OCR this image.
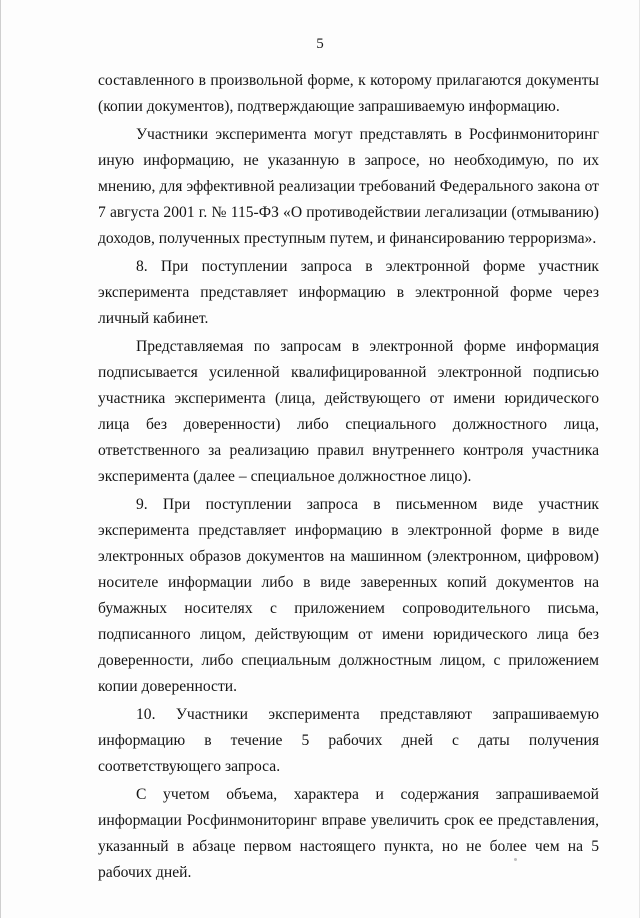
5

составленного в произвольной форме, к которому прилагаются документы (копии документов), подтверждающие запрашиваемую информацию.

Участники эксперимента могут представлять в Росфинмониторинг иную информацию, не указанную в запросе, но необходимую, по их мнению, для эффективной реализации требований Федерального закона от 7 августа 2001 г. № 115-ФЗ «О противодействии легализации (отмыванию) доходов, полученных преступным путем, и финансированию терроризма».

8. При поступлении запроса в электронной форме участник эксперимента представляет информацию в электронной форме через личный кабинет.

Представляемая по запросам в электронной форме информация подписывается усиленной квалифицированной электронной подписью участника эксперимента (лица, действующего от имени юридического лица без доверенности) либо специального должностного лица, ответственного за реализацию правил внутреннего контроля участника эксперимента (далее – специальное должностное лицо).

9. При поступлении запроса в письменном виде участник эксперимента представляет информацию в электронной форме в виде электронных образов документов на машинном (электронном, цифровом) носителе информации либо в виде заверенных копий документов на бумажных носителях с приложением сопроводительного письма, подписанного лицом, действующим от имени юридического лица без доверенности, либо специальным должностным лицом, с приложением копии доверенности.

10. Участники эксперимента представляют запрашиваемую информацию в течение 5 рабочих дней с даты получения соответствующего запроса.

С учетом объема, характера и содержания запрашиваемой информации Росфинмониторинг вправе увеличить срок ее представления, указанный в абзаце первом настоящего пункта, но не более чем на 5 рабочих дней.
